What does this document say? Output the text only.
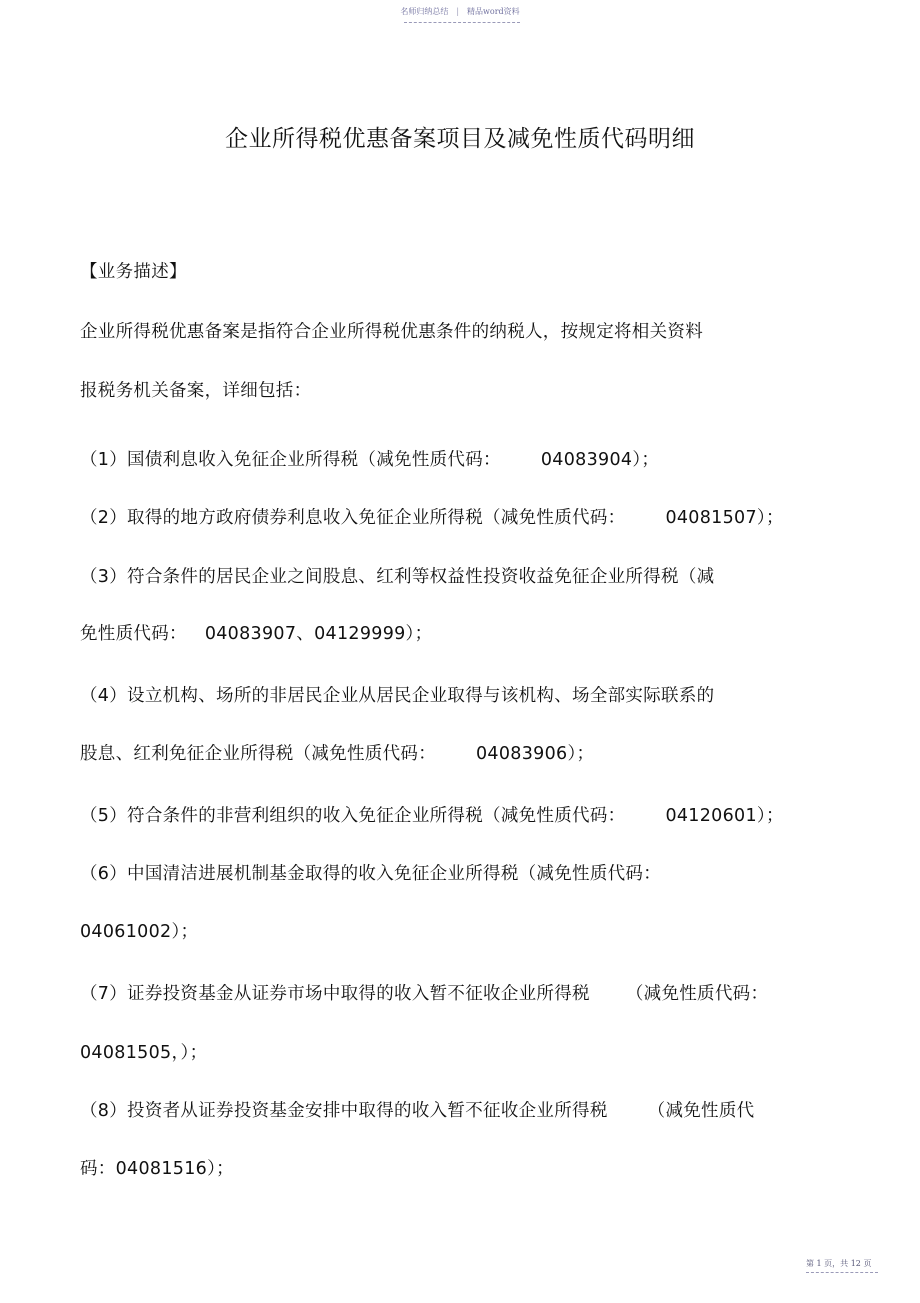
名师归纳总结 | 精品word资料
企业所得税优惠备案项目及减免性质代码明细
【业务描述】
企业所得税优惠备案是指符合企业所得税优惠条件的纳税人，按规定将相关资料
报税务机关备案，详细包括：
（1）国债利息收入免征企业所得税（减免性质代码： 04083904）；
（2）取得的地方政府债券利息收入免征企业所得税（减免性质代码： 04081507）；
（3）符合条件的居民企业之间股息、红利等权益性投资收益免征企业所得税（减
免性质代码： 04083907、04129999）；
（4）设立机构、场所的非居民企业从居民企业取得与该机构、场全部实际联系的
股息、红利免征企业所得税（减免性质代码： 04083906）；
（5）符合条件的非营利组织的收入免征企业所得税（减免性质代码： 04120601）；
（6）中国清洁进展机制基金取得的收入免征企业所得税（减免性质代码：
04061002）；
（7）证券投资基金从证券市场中取得的收入暂不征收企业所得税 （减免性质代码：
04081505，）；
（8）投资者从证券投资基金安排中取得的收入暂不征收企业所得税 （减免性质代
码：04081516）；
第 1 页，共 12 页
